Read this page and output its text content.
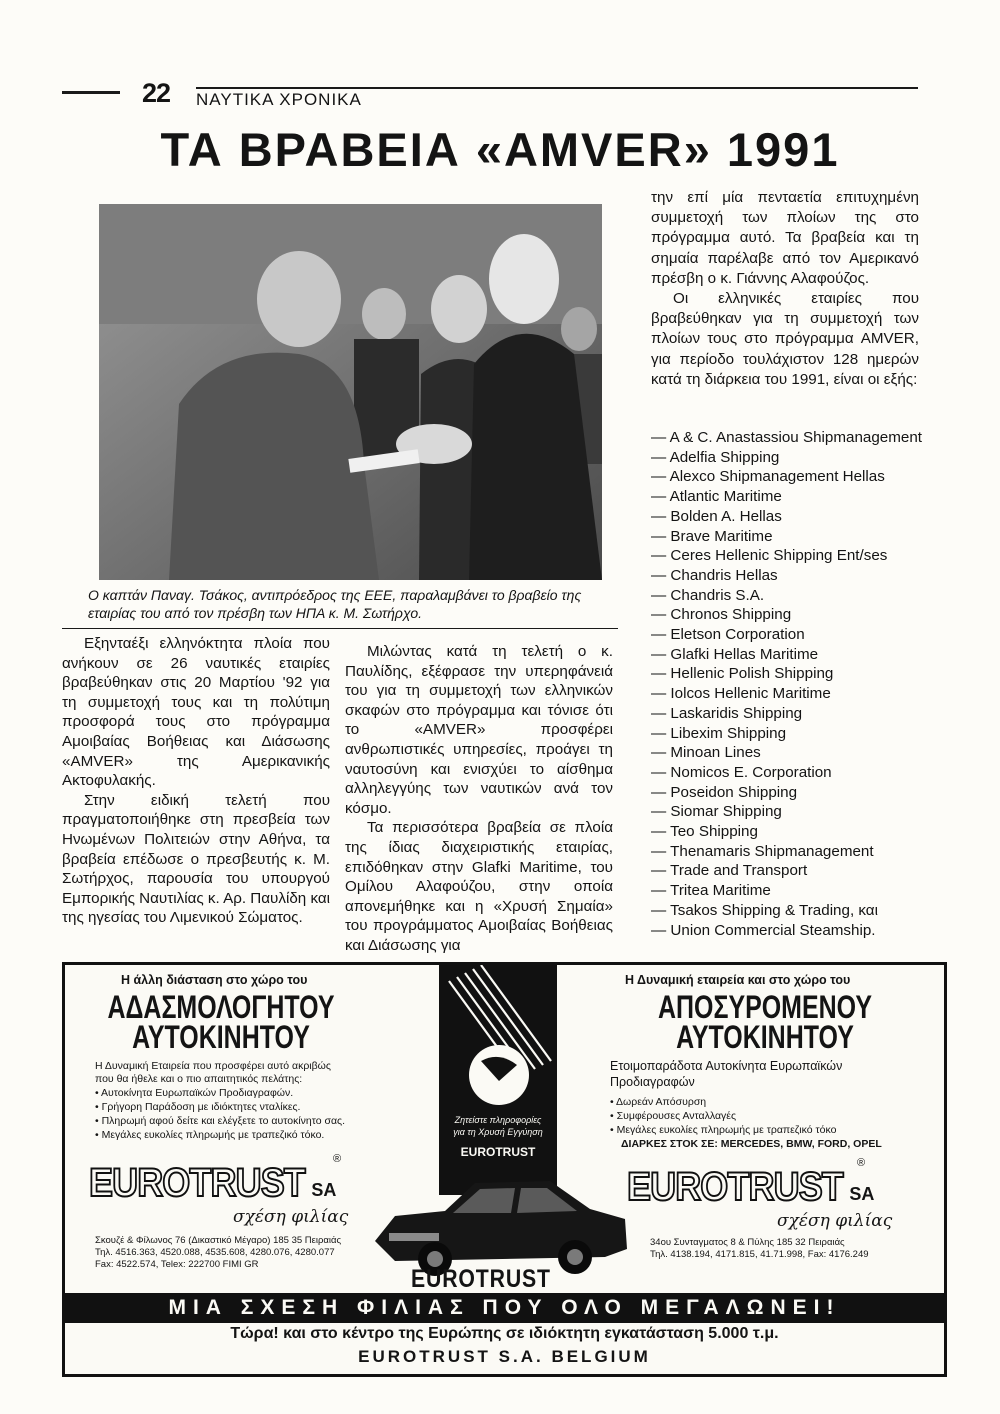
22 ΝΑΥΤΙΚΑ ΧΡΟΝΙΚΑ
ΤΑ ΒΡΑΒΕΙΑ «AMVER» 1991
Ο καπτάν Παναγ. Τσάκος, αντιπρόεδρος της ΕΕΕ, παραλαμβάνει το βραβείο της εταιρίας του από τον πρέσβη των ΗΠΑ κ. Μ. Σωτήρχο.

Εξηνταέξι ελληνόκτητα πλοία που ανήκουν σε 26 ναυτικές εταιρίες βραβεύθηκαν στις 20 Μαρτίου '92 για τη συμμετοχή τους και τη πολύτιμη προσφορά τους στο πρόγραμμα Αμοιβαίας Βοήθειας και Διάσωσης «AMVER» της Αμερικανικής Ακτοφυλακής.

Στην ειδική τελετή που πραγματοποιήθηκε στη πρεσβεία των Ηνωμένων Πολιτειών στην Αθήνα, τα βραβεία επέδωσε ο πρεσβευτής κ. Μ. Σωτήρχος, παρουσία του υπουργού Εμπορικής Ναυτιλίας κ. Αρ. Παυλίδη και της ηγεσίας του Λιμενικού Σώματος.

Μιλώντας κατά τη τελετή ο κ. Παυλίδης, εξέφρασε την υπερηφάνειά του για τη συμμετοχή των ελληνικών σκαφών στο πρόγραμμα και τόνισε ότι το «AMVER» προσφέρει ανθρωπιστικές υπηρεσίες, προάγει τη ναυτοσύνη και ενισχύει το αίσθημα αλληλεγγύης των ναυτικών ανά τον κόσμο.

Τα περισσότερα βραβεία σε πλοία της ίδιας διαχειριστικής εταιρίας, επιδόθηκαν στην Glafki Maritime, του Ομίλου Αλαφούζου, στην οποία απονεμήθηκε και η «Χρυσή Σημαία» του προγράμματος Αμοιβαίας Βοήθειας και Διάσωσης για

την επί μία πενταετία επιτυχημένη συμμετοχή των πλοίων της στο πρόγραμμα αυτό. Τα βραβεία και τη σημαία παρέλαβε από τον Αμερικανό πρέσβη ο κ. Γιάννης Αλαφούζος.

Οι ελληνικές εταιρίες που βραβεύθηκαν για τη συμμετοχή των πλοίων τους στο πρόγραμμα AMVER, για περίοδο τουλάχιστον 128 ημερών κατά τη διάρκεια του 1991, είναι οι εξής:

— A & C. Anastassiou Shipmanagement
— Adelfia Shipping
— Alexco Shipmanagement Hellas
— Atlantic Maritime
— Bolden A. Hellas
— Brave Maritime
— Ceres Hellenic Shipping Ent/ses
— Chandris Hellas
— Chandris S.A.
— Chronos Shipping
— Eletson Corporation
— Glafki Hellas Maritime
— Hellenic Polish Shipping
— Iolcos Hellenic Maritime
— Laskaridis Shipping
— Libexim Shipping
— Minoan Lines
— Nomicos E. Corporation
— Poseidon Shipping
— Siomar Shipping
— Teo Shipping
— Thenamaris Shipmanagement
— Trade and Transport
— Tritea Maritime
— Tsakos Shipping & Trading, και
— Union Commercial Steamship.
Η άλλη διάσταση στο χώρο του
ΑΔΑΣΜΟΛΟΓΗΤΟΥ
ΑΥΤΟΚΙΝΗΤΟΥ
Η Δυναμική Εταιρεία που προσφέρει αυτό ακριβώς
που θα ήθελε και ο πιο απαιτητικός πελάτης:
• Αυτοκίνητα Ευρωπαϊκών Προδιαγραφών.
• Γρήγορη Παράδοση με ιδιόκτητες νταλίκες.
• Πληρωμή αφού δείτε και ελέγξετε το αυτοκίνητο σας.
• Μεγάλες ευκολίες πληρωμής με τραπεζικό τόκο.
EUROTRUST SA
®
σχέση φιλίας
Σκουζέ & Φίλωνος 76 (Δικαστικό Μέγαρο) 185 35 Πειραιάς
Τηλ. 4516.363, 4520.088, 4535.608, 4280.076, 4280.077
Fax: 4522.574, Telex: 222700 FIMI GR
Ζητείστε πληροφορίες
για τη Χρυσή Εγγύηση
EUROTRUST
EUROTRUST
Η Δυναμική εταιρεία και στο χώρο του
ΑΠΟΣΥΡΟΜΕΝΟΥ
ΑΥΤΟΚΙΝΗΤΟΥ
Ετοιμοπαράδοτα Αυτοκίνητα Ευρωπαϊκών
Προδιαγραφών
• Δωρεάν Απόσυρση
• Συμφέρουσες Ανταλλαγές
• Μεγάλες ευκολίες πληρωμής με τραπεζικό τόκο
ΔΙΑΡΚΕΣ ΣΤΟΚ ΣΕ: MERCEDES, BMW, FORD, OPEL
EUROTRUST SA
®
σχέση φιλίας
34ου Συνταγματος 8 & Πύλης 185 32 Πειραιάς
Τηλ. 4138.194, 4171.815, 41.71.998, Fax: 4176.249
ΜΙΑ ΣΧΕΣΗ ΦΙΛΙΑΣ ΠΟΥ ΟΛΟ ΜΕΓΑΛΩΝΕΙ!
Τώρα! και στο κέντρο της Ευρώπης σε ιδιόκτητη εγκατάσταση 5.000 τ.μ.
EUROTRUST S.A. BELGIUM
